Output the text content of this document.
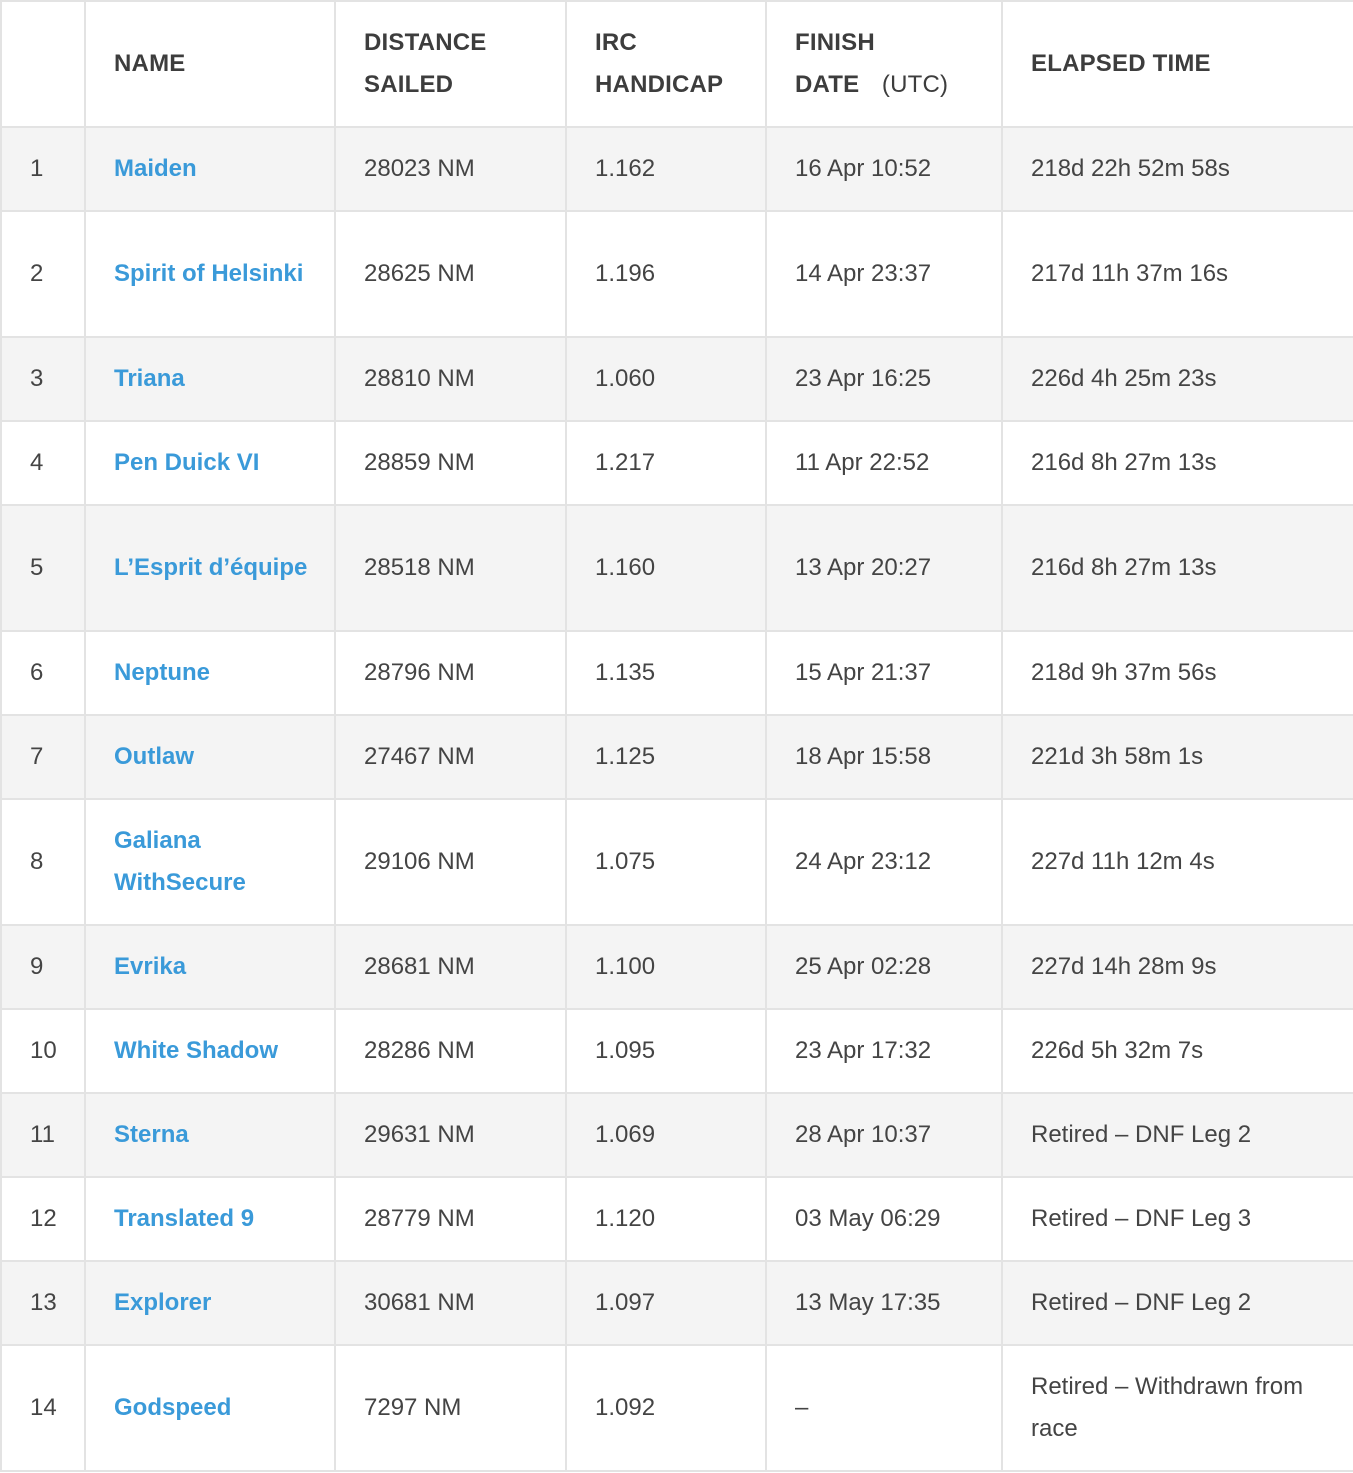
	NAME	DISTANCE SAILED	IRC HANDICAP	FINISH DATE (UTC)	ELAPSED TIME
1	Maiden	28023 NM	1.162	16 Apr 10:52	218d 22h 52m 58s
2	Spirit of Helsinki	28625 NM	1.196	14 Apr 23:37	217d 11h 37m 16s
3	Triana	28810 NM	1.060	23 Apr 16:25	226d 4h 25m 23s
4	Pen Duick VI	28859 NM	1.217	11 Apr 22:52	216d 8h 27m 13s
5	L’Esprit d’équipe	28518 NM	1.160	13 Apr 20:27	216d 8h 27m 13s
6	Neptune	28796 NM	1.135	15 Apr 21:37	218d 9h 37m 56s
7	Outlaw	27467 NM	1.125	18 Apr 15:58	221d 3h 58m 1s
8	Galiana WithSecure	29106 NM	1.075	24 Apr 23:12	227d 11h 12m 4s
9	Evrika	28681 NM	1.100	25 Apr 02:28	227d 14h 28m 9s
10	White Shadow	28286 NM	1.095	23 Apr 17:32	226d 5h 32m 7s
11	Sterna	29631 NM	1.069	28 Apr 10:37	Retired – DNF Leg 2
12	Translated 9	28779 NM	1.120	03 May 06:29	Retired – DNF Leg 3
13	Explorer	30681 NM	1.097	13 May 17:35	Retired – DNF Leg 2
14	Godspeed	7297 NM	1.092	–	Retired – Withdrawn from race
